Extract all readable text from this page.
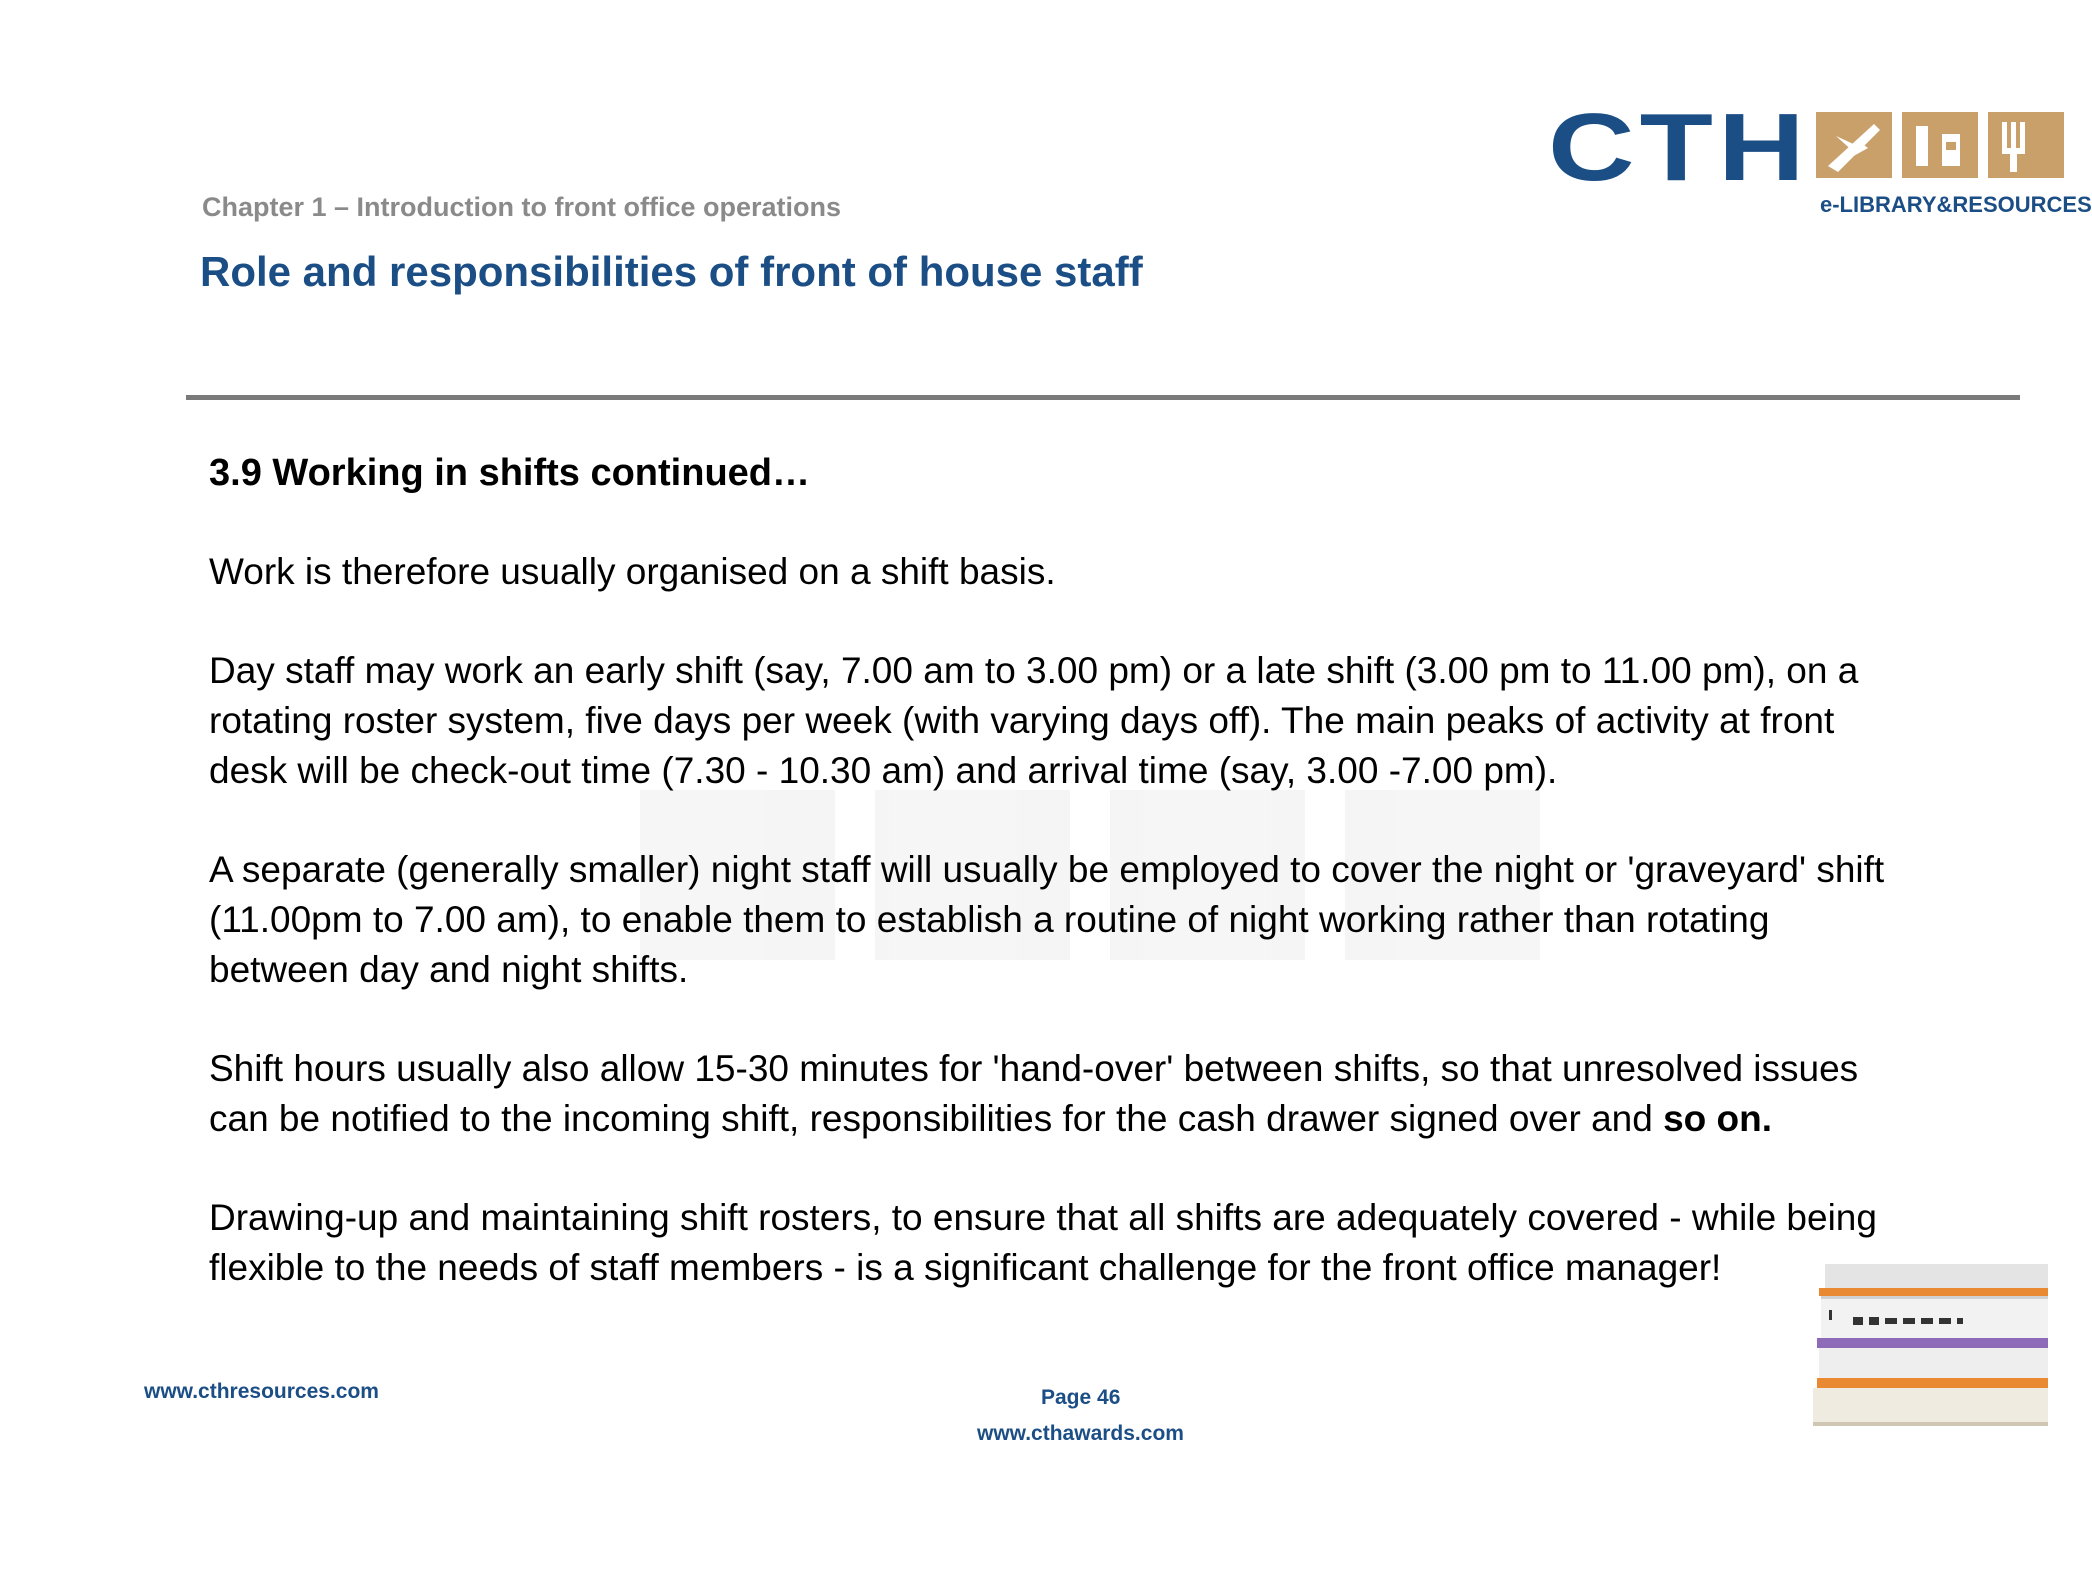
CTH
e-LIBRARY&RESOURCES
Chapter 1 – Introduction to front office operations
Role and responsibilities of front of house staff
3.9 Working in shifts continued…

Work is therefore usually organised on a shift basis.

Day staff may work an early shift (say, 7.00 am to 3.00 pm) or a late shift (3.00 pm to 11.00 pm), on a
rotating roster system, five days per week (with varying days off). The main peaks of activity at front
desk will be check-out time (7.30 - 10.30 am) and arrival time (say, 3.00 -7.00 pm).

A separate (generally smaller) night staff will usually be employed to cover the night or 'graveyard' shift
(11.00pm to 7.00 am), to enable them to establish a routine of night working rather than rotating
between day and night shifts.

Shift hours usually also allow 15-30 minutes for 'hand-over' between shifts, so that unresolved issues
can be notified to the incoming shift, responsibilities for the cash drawer signed over and so on.

Drawing-up and maintaining shift rosters, to ensure that all shifts are adequately covered - while being
flexible to the needs of staff members - is a significant challenge for the front office manager!

www.cthresources.com	Page 46
www.cthawards.com
